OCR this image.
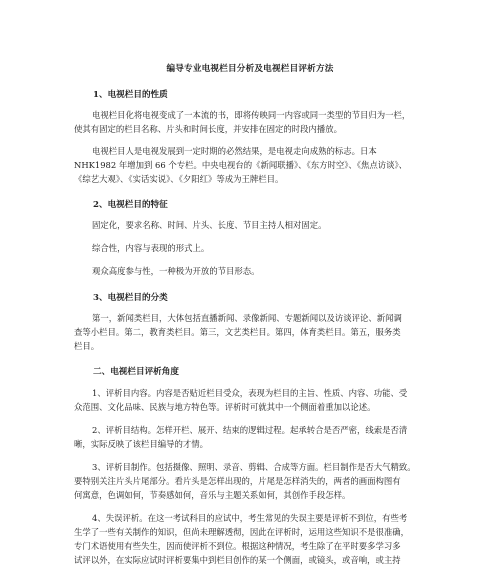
编导专业电视栏目分析及电视栏目评析方法
1、电视栏目的性质
电视栏目化将电视变成了一本流的书，即将传映同一内容或同一类型的节目归为一栏，
使其有固定的栏目名称、片头和时间长度，并安排在固定的时段内播放。
电视栏目人是电视发展到一定时期的必然结果，是电视走向成熟的标志。日本
NHK1982 年增加到 66 个专栏。中央电视台的《新闻联播》、《东方时空》、《焦点访谈》、
《综艺大观》、《实话实说》、《夕阳红》等成为王牌栏目。
2、电视栏目的特征
固定化，要求名称、时间、片头、长度、节目主持人相对固定。
综合性，内容与表现的形式上。
观众高度参与性，一种极为开放的节目形态。
3、电视栏目的分类
第一，新闻类栏目，大体包括直播新闻、录像新闻、专题新闻以及访谈评论、新闻调
查等小栏目。第二，教育类栏目。第三，文艺类栏目。第四，体育类栏目。第五，服务类
栏目。
二、电视栏目评析角度
1、评析目内容。内容是否贴近栏目受众，表现为栏目的主旨、性质、内容、功能、受
众范围、文化品味、民族与地方特色等。评析时可就其中一个侧面着重加以论述。
2、评析目结构。怎样开栏、展开、结束的逻辑过程。起承转合是否严密，线索是否清
晰，实际反映了该栏目编导的才情。
3、评析目制作。包括摄像、照明、录音、剪辑、合成等方面。栏目制作是否大气精致。
要特别关注片头片尾部分。看片头是怎样出现的，片尾是怎样消失的，两者的画面构图有
何寓意，色调如何，节奏感如何，音乐与主题关系如何，其创作手段怎样。
4、失误评析。在这一考试科目的应试中，考生常见的失误主要是评析不到位，有些考
生学了一些有关制作的知识，但尚未理解透彻，因此在评析时，运用这些知识不是很准确，
专门术语使用有些失生，因而使评析不到位。根据这种情况，考生除了在平时要多学习多
试评以外，在实际应试时评析要集中到栏目创作的某一个侧面，或镜头，或音响，或主持
